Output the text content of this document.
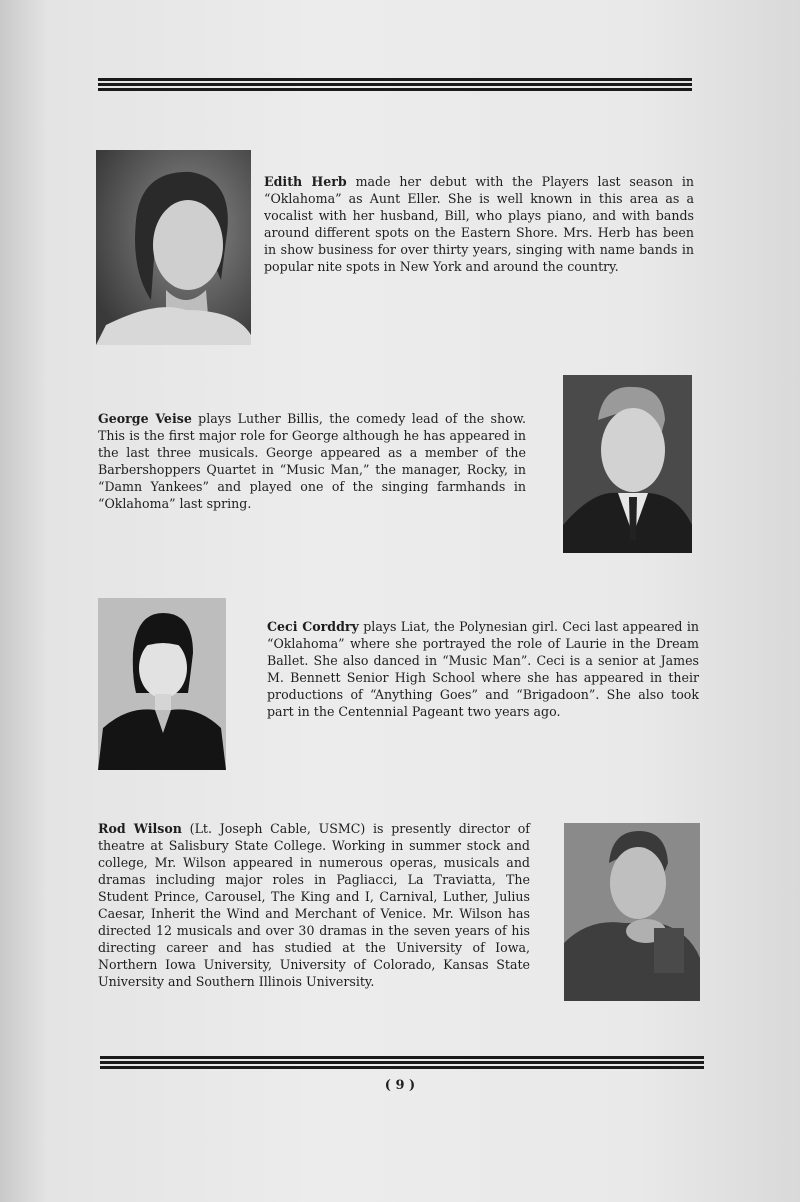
Edith Herb made her debut with the Players last season in “Oklahoma” as Aunt Eller. She is well known in this area as a vocalist with her husband, Bill, who plays piano, and with bands around different spots on the Eastern Shore. Mrs. Herb has been in show business for over thirty years, singing with name bands in popular nite spots in New York and around the country.
George Veise plays Luther Billis, the comedy lead of the show. This is the first major role for George although he has appeared in the last three musicals. George appeared as a member of the Barbershoppers Quartet in “Music Man,” the manager, Rocky, in “Damn Yankees” and played one of the singing farmhands in “Oklahoma” last spring.
Ceci Corddry plays Liat, the Polynesian girl. Ceci last appeared in “Oklahoma” where she portrayed the role of Laurie in the Dream Ballet. She also danced in “Music Man”. Ceci is a senior at James M. Bennett Senior High School where she has appeared in their productions of “Anything Goes” and “Brigadoon”. She also took part in the Centennial Pageant two years ago.
Rod Wilson (Lt. Joseph Cable, USMC) is presently director of theatre at Salisbury State College. Working in summer stock and college, Mr. Wilson appeared in numerous operas, musicals and dramas including major roles in Pagliacci, La Traviatta, The Student Prince, Carousel, The King and I, Carnival, Luther, Julius Caesar, Inherit the Wind and Merchant of Venice. Mr. Wilson has directed 12 musicals and over 30 dramas in the seven years of his directing career and has studied at the University of Iowa, Northern Iowa University, University of Colorado, Kansas State University and Southern Illinois University.
( 9 )
